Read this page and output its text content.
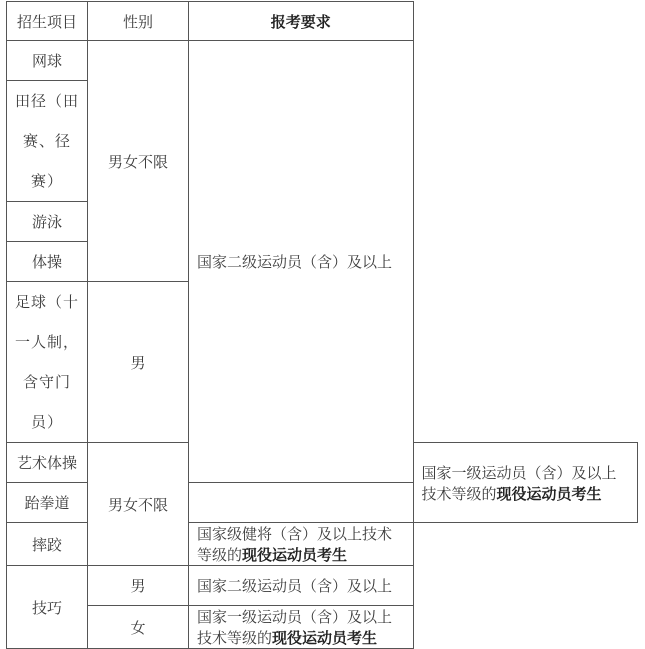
招生项目	性别	报考要求	
网球	男女不限	国家二级运动员（含）及以上	
田径（田赛、径赛）			
游泳			
体操			
足球（十一人制，含守门员）	男		
艺术体操	男女不限		国家一级运动员（含）及以上技术等级的现役运动员考生
跆拳道			
摔跤		国家级健将（含）及以上技术等级的现役运动员考生	
技巧	男	国家二级运动员（含）及以上	
	女	国家一级运动员（含）及以上技术等级的现役运动员考生	
